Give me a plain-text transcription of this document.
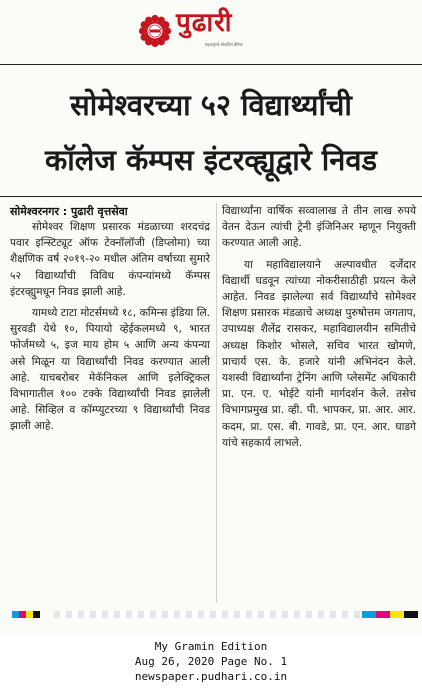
पुढारी
महाराष्ट्राचे लोकप्रिय दैनिक
सोमेश्वरच्या ५२ विद्यार्थ्यांची
कॉलेज कॅम्पस इंटरव्ह्यूद्वारे निवड
सोमेश्वरनगर : पुढारी वृत्तसेवा

सोमेश्वर शिक्षण प्रसारक मंडळाच्या शरदचंद्र पवार इन्स्टिट्यूट ऑफ टेक्नॉलॉजी (डिप्लोमा) च्या शैक्षणिक वर्ष २०१९-२० मधील अंतिम वर्षाच्या सुमारे ५२ विद्यार्थ्यांची विविध कंपन्यांमध्ये कॅम्पस इंटरव्ह्युमधून निवड झाली आहे.

यामध्ये टाटा मोटर्समध्ये १८, कमिन्स इंडिया लि. सुरवडी येथे १०, पियायो व्हेईकलमध्ये ९, भारत फोर्जमध्ये ५, इज माय होम ५ आणि अन्य कंपन्या असे मिळून या विद्यार्थ्यांची निवड करण्यात आली आहे. याचबरोबर मेकॅनिकल आणि इलेक्ट्रिकल विभागातील १०० टक्के विद्यार्थ्यांची निवड झालेली आहे. सिव्हिल व कॉम्प्युटरच्या ९ विद्यार्थ्यांची निवड झाली आहे.

विद्यार्थ्यांना वार्षिक सव्वालाख ते तीन लाख रुपये वेतन देऊन त्यांची ट्रेनी इंजिनिअर म्हणून नियुक्ती करण्यात आली आहे.

या महाविद्यालयाने अल्पावधीत दर्जेदार विद्यार्थी घडवून त्यांच्या नोकरीसाठीही प्रयत्न केले आहेत. निवड झालेल्या सर्व विद्यार्थ्यांचे सोमेश्वर शिक्षण प्रसारक मंडळाचे अध्यक्ष पुरुषोत्तम जगताप, उपाध्यक्ष शैलेंद्र रासकर, महाविद्यालयीन समितीचे अध्यक्ष किशोर भोसले, सचिव भारत खोमणे, प्राचार्य एस. के. हजारे यांनी अभिनंदन केले. यशस्वी विद्यार्थ्यांना ट्रेनिंग आणि प्लेसमेंट अधिकारी प्रा. एन. ए. भोईटे यांनी मार्गदर्शन केले. तसेच विभागप्रमुख प्रा. व्ही. पी. भापकर, प्रा. आर. आर. कदम, प्रा. एस. बी. गावडे, प्रा. एन. आर. घाडगे यांचे सहकार्य लाभले.

My Gramin Edition
Aug 26, 2020 Page No. 1
newspaper.pudhari.co.in
